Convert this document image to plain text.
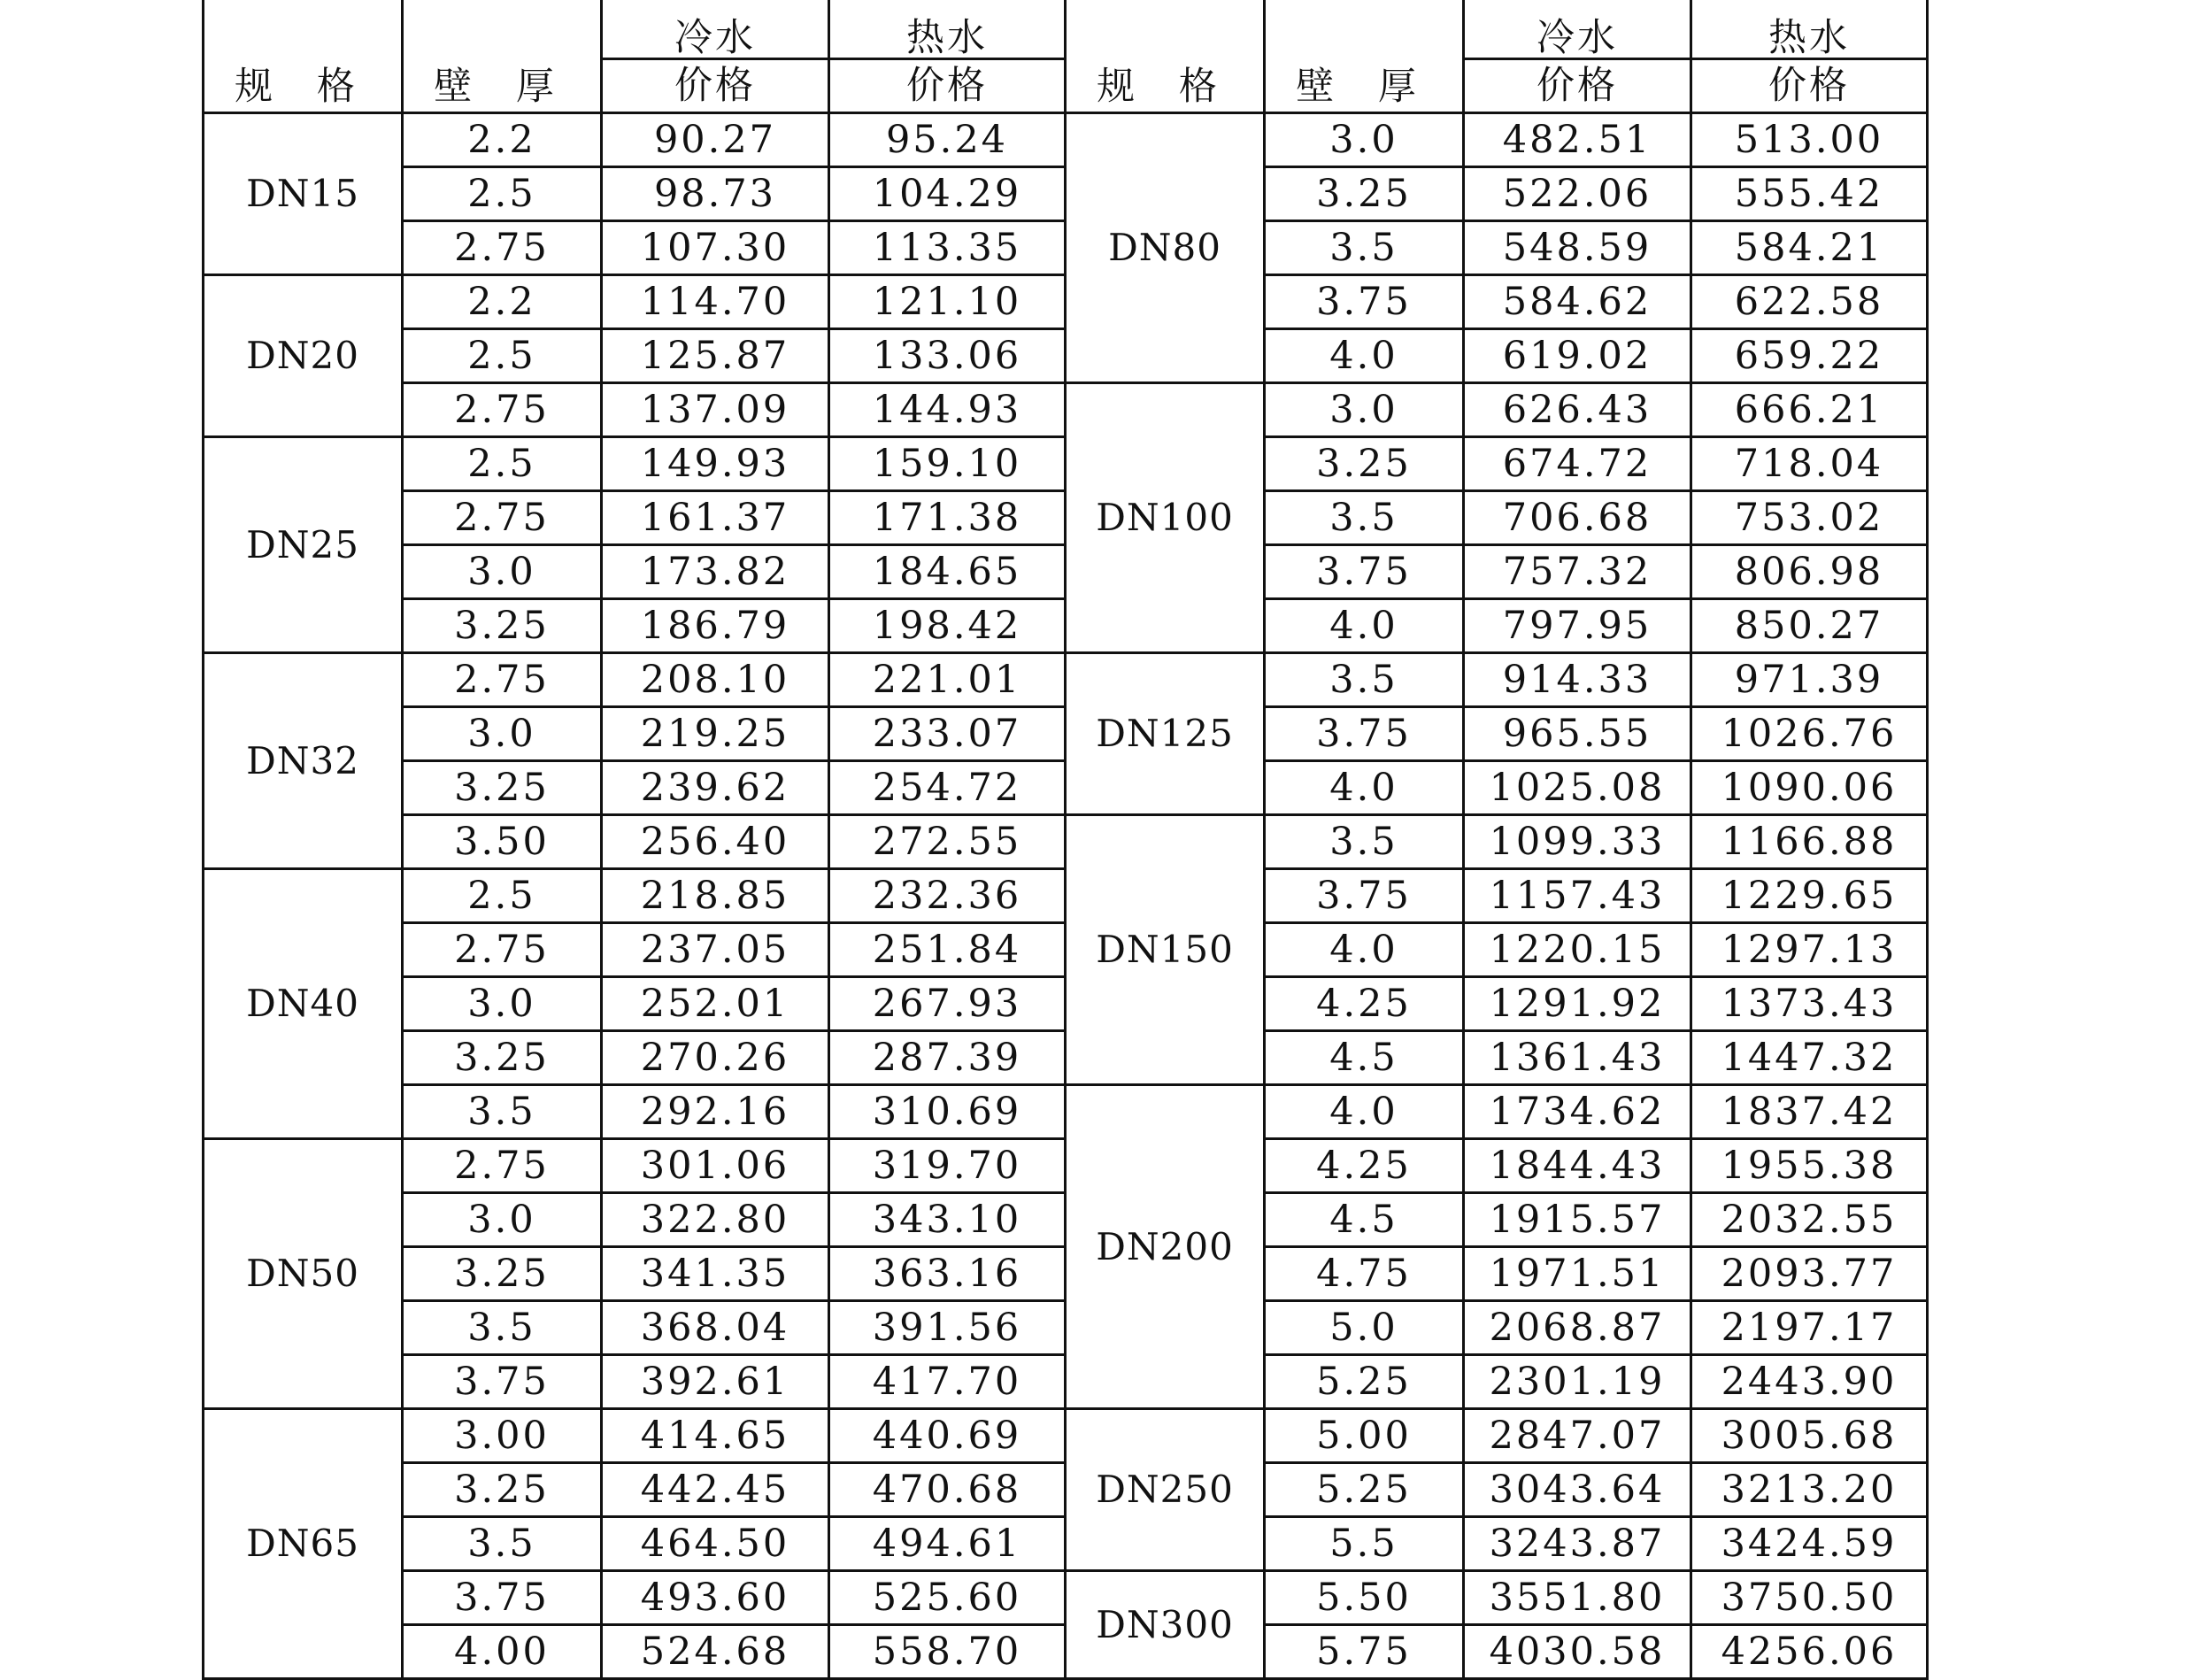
规 格	壁 厚	冷水	热水	规 格	壁 厚	冷水	热水
		价格	价格			价格	价格
DN15	2.2	90.27	95.24	DN80	3.0	482.51	513.00
	2.5	98.73	104.29		3.25	522.06	555.42
	2.75	107.30	113.35		3.5	548.59	584.21
DN20	2.2	114.70	121.10		3.75	584.62	622.58
	2.5	125.87	133.06		4.0	619.02	659.22
	2.75	137.09	144.93	DN100	3.0	626.43	666.21
DN25	2.5	149.93	159.10		3.25	674.72	718.04
	2.75	161.37	171.38		3.5	706.68	753.02
	3.0	173.82	184.65		3.75	757.32	806.98
	3.25	186.79	198.42		4.0	797.95	850.27
DN32	2.75	208.10	221.01	DN125	3.5	914.33	971.39
	3.0	219.25	233.07		3.75	965.55	1026.76
	3.25	239.62	254.72		4.0	1025.08	1090.06
	3.50	256.40	272.55	DN150	3.5	1099.33	1166.88
DN40	2.5	218.85	232.36		3.75	1157.43	1229.65
	2.75	237.05	251.84		4.0	1220.15	1297.13
	3.0	252.01	267.93		4.25	1291.92	1373.43
	3.25	270.26	287.39		4.5	1361.43	1447.32
	3.5	292.16	310.69	DN200	4.0	1734.62	1837.42
DN50	2.75	301.06	319.70		4.25	1844.43	1955.38
	3.0	322.80	343.10		4.5	1915.57	2032.55
	3.25	341.35	363.16		4.75	1971.51	2093.77
	3.5	368.04	391.56		5.0	2068.87	2197.17
	3.75	392.61	417.70		5.25	2301.19	2443.90
DN65	3.00	414.65	440.69	DN250	5.00	2847.07	3005.68
	3.25	442.45	470.68		5.25	3043.64	3213.20
	3.5	464.50	494.61		5.5	3243.87	3424.59
	3.75	493.60	525.60	DN300	5.50	3551.80	3750.50
	4.00	524.68	558.70		5.75	4030.58	4256.06
